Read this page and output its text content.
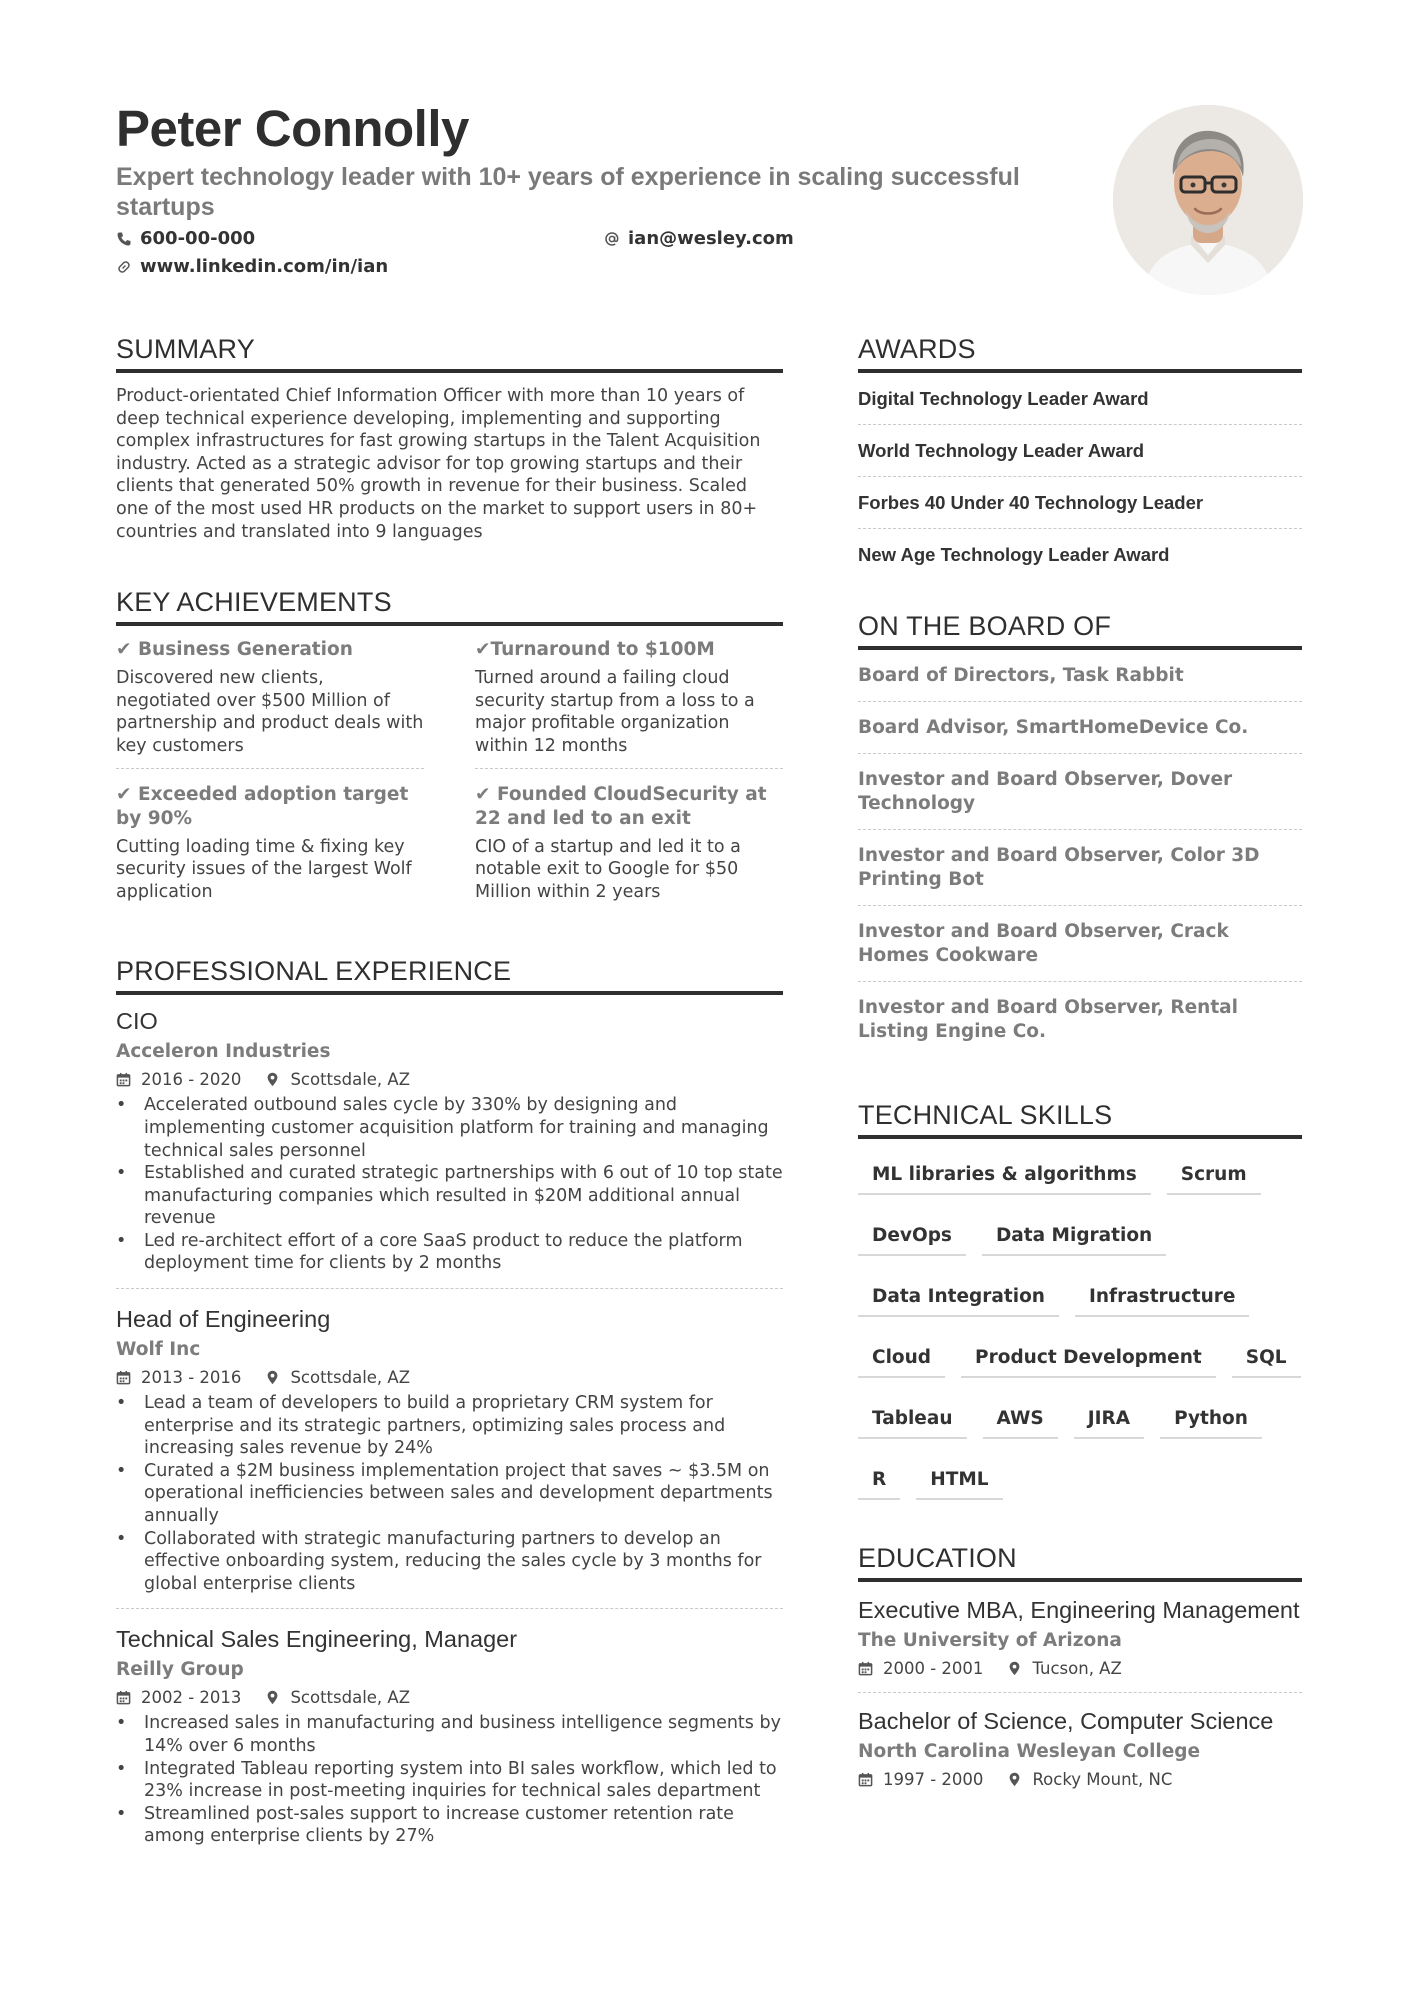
Peter Connolly
Expert technology leader with 10+ years of experience in scaling successful startups
600-00-000	ian@wesley.com
www.linkedin.com/in/ian
SUMMARY

Product-orientated Chief Information Officer with more than 10 years of deep technical experience developing, implementing and supporting complex infrastructures for fast growing startups in the Talent Acquisition industry. Acted as a strategic advisor for top growing startups and their clients that generated 50% growth in revenue for their business. Scaled one of the most used HR products on the market to support users in 80+ countries and translated into 9 languages

KEY ACHIEVEMENTS
✔ Business Generation
Discovered new clients, negotiated over $500 Million of partnership and product deals with key customers
✔Turnaround to $100M
Turned around a failing cloud security startup from a loss to a major profitable organization within 12 months
✔ Exceeded adoption target by 90%
Cutting loading time & fixing key security issues of the largest Wolf application
✔ Founded CloudSecurity at 22 and led to an exit
CIO of a startup and led it to a notable exit to Google for $50 Million within 2 years
PROFESSIONAL EXPERIENCE
CIO
Acceleron Industries
2016 - 2020	Scottsdale, AZ
• Accelerated outbound sales cycle by 330% by designing and implementing customer acquisition platform for training and managing technical sales personnel
• Established and curated strategic partnerships with 6 out of 10 top state manufacturing companies which resulted in $20M additional annual revenue
• Led re-architect effort of a core SaaS product to reduce the platform deployment time for clients by 2 months
Head of Engineering
Wolf Inc
2013 - 2016	Scottsdale, AZ
• Lead a team of developers to build a proprietary CRM system for enterprise and its strategic partners, optimizing sales process and increasing sales revenue by 24%
• Curated a $2M business implementation project that saves ~ $3.5M on operational inefficiencies between sales and development departments annually
• Collaborated with strategic manufacturing partners to develop an effective onboarding system, reducing the sales cycle by 3 months for global enterprise clients
Technical Sales Engineering, Manager
Reilly Group
2002 - 2013	Scottsdale, AZ
• Increased sales in manufacturing and business intelligence segments by 14% over 6 months
• Integrated Tableau reporting system into BI sales workflow, which led to 23% increase in post-meeting inquiries for technical sales department
• Streamlined post-sales support to increase customer retention rate among enterprise clients by 27%
AWARDS
Digital Technology Leader Award
World Technology Leader Award
Forbes 40 Under 40 Technology Leader
New Age Technology Leader Award
ON THE BOARD OF
Board of Directors, Task Rabbit
Board Advisor, SmartHomeDevice Co.
Investor and Board Observer, Dover Technology
Investor and Board Observer, Color 3D Printing Bot
Investor and Board Observer, Crack Homes Cookware
Investor and Board Observer, Rental Listing Engine Co.
TECHNICAL SKILLS
ML libraries & algorithms	Scrum
DevOps	Data Migration
Data Integration	Infrastructure
Cloud	Product Development	SQL
Tableau	AWS	JIRA	Python
R	HTML
EDUCATION
Executive MBA, Engineering Management
The University of Arizona
2000 - 2001	Tucson, AZ
Bachelor of Science, Computer Science
North Carolina Wesleyan College
1997 - 2000	Rocky Mount, NC
